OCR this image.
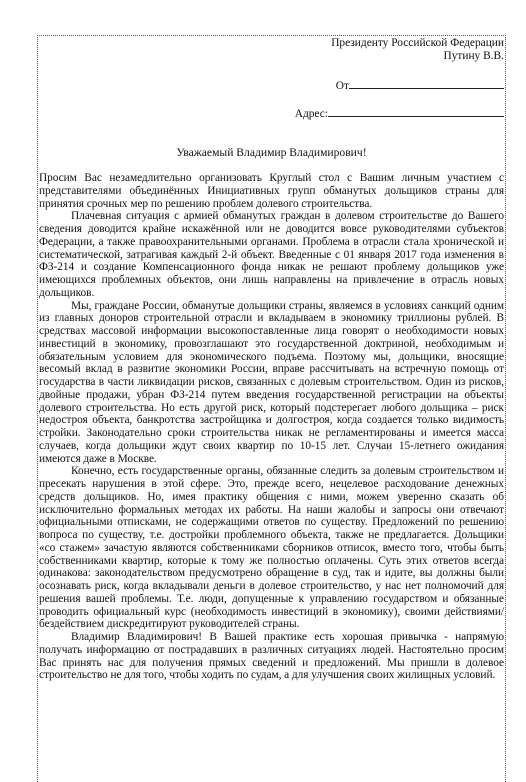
Президенту Российской Федерации
Путину В.В.
От
Адрес:
Уважаемый Владимир Владимирович!

Просим Вас незамедлительно организовать Круглый стол с Вашим личным участием с представителями объединённых Инициативных групп обманутых дольщиков страны для принятия срочных мер по решению проблем долевого строительства.

Плачевная ситуация с армией обманутых граждан в долевом строительстве до Вашего сведения доводится крайне искажённой или не доводится вовсе руководителями субъектов Федерации, а также правоохранительными органами. Проблема в отрасли стала хронической и систематической, затрагивая каждый 2-й объект. Введенные с 01 января 2017 года изменения в ФЗ-214 и создание Компенсационного фонда никак не решают проблему дольщиков уже имеющихся проблемных объектов, они лишь направлены на привлечение в отрасль новых дольщиков.

Мы, граждане России, обманутые дольщики страны, являемся в условиях санкций одним из главных доноров строительной отрасли и вкладываем в экономику триллионы рублей. В средствах массовой информации высокопоставленные лица говорят о необходимости новых инвестиций в экономику, провозглашают это государственной доктриной, необходимым и обязательным условием для экономического подъема. Поэтому мы, дольщики, вносящие весомый вклад в развитие экономики России, вправе рассчитывать на встречную помощь от государства в части ликвидации рисков, связанных с долевым строительством. Один из рисков, двойные продажи, убран ФЗ-214 путем введения государственной регистрации на объекты долевого строительства. Но есть другой риск, который подстерегает любого дольщика – риск недостроя объекта, банкротства застройщика и долгостроя, когда создается только видимость стройки. Законодательно сроки строительства никак не регламентированы и имеется масса случаев, когда дольщики ждут своих квартир по 10-15 лет. Случаи 15-летнего ожидания имеются даже в Москве.

Конечно, есть государственные органы, обязанные следить за долевым строительством и пресекать нарушения в этой сфере. Это, прежде всего, нецелевое расходование денежных средств дольщиков. Но, имея практику общения с ними, можем уверенно сказать об исключительно формальных методах их работы. На наши жалобы и запросы они отвечают официальными отписками, не содержащими ответов по существу. Предложений по решению вопроса по существу, т.е. достройки проблемного объекта, также не предлагается. Дольщики «со стажем» зачастую являются собственниками сборников отписок, вместо того, чтобы быть собственниками квартир, которые к тому же полностью оплачены. Суть этих ответов всегда одинакова: законодательством предусмотрено обращение в суд, так и идите, вы должны были осознавать риск, когда вкладывали деньги в долевое строительство, у нас нет полномочий для решения вашей проблемы. Т.е. люди, допущенные к управлению государством и обязанные проводить официальный курс (необходимость инвестиций в экономику), своими действиями/бездействием дискредитируют руководителей страны.

Владимир Владимирович! В Вашей практике есть хорошая привычка - напрямую получать информацию от пострадавших в различных ситуациях людей. Настоятельно просим Вас принять нас для получения прямых сведений и предложений. Мы пришли в долевое строительство не для того, чтобы ходить по судам, а для улучшения своих жилищных условий.
